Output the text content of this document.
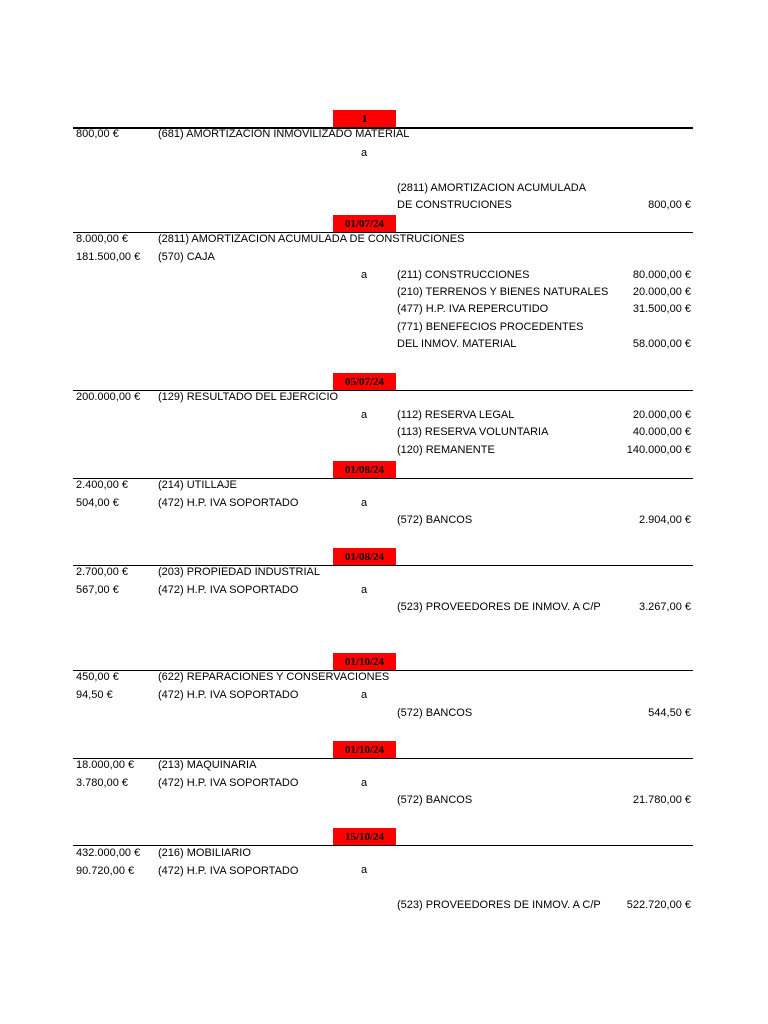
1
800,00 €	(681) AMORTIZACIÓN INMOVILIZADO MATERIAL
a
(2811) AMORTIZACION ACUMULADA
DE CONSTRUCIONES	800,00 €
01/07/24
8.000,00 €	(2811) AMORTIZACION ACUMULADA DE CONSTRUCIONES
181.500,00 € (570) CAJA
a	(211) CONSTRUCCIONES	80.000,00 €
(210) TERRENOS Y BIENES NATURALES 20.000,00 €
(477) H.P. IVA REPERCUTIDO	31.500,00 €
(771) BENEFECIOS PROCEDENTES
DEL INMOV. MATERIAL	58.000,00 €
05/07/24
200.000,00 € (129) RESULTADO DEL EJERCICIO
a	(112) RESERVA LEGAL	20.000,00 €
(113) RESERVA VOLUNTARIA	40.000,00 €
(120) REMANENTE	140.000,00 €
01/08/24
2.400,00 €	(214) UTILLAJE
504,00 €	(472) H.P. IVA SOPORTADO	a
(572) BANCOS	2.904,00 €
01/08/24
2.700,00 €	(203) PROPIEDAD INDUSTRIAL
567,00 €	(472) H.P. IVA SOPORTADO	a
(523) PROVEEDORES DE INMOV. A C/P	3.267,00 €
01/10/24
450,00 €	(622) REPARACIONES Y CONSERVACIONES
94,50 €	(472) H.P. IVA SOPORTADO	a
(572) BANCOS	544,50 €
01/10/24
18.000,00 € (213) MAQUINARIA
3.780,00 €	(472) H.P. IVA SOPORTADO	a
(572) BANCOS	21.780,00 €
15/10/24
432.000,00 € (216) MOBILIARIO
90.720,00 € (472) H.P. IVA SOPORTADO	a
(523) PROVEEDORES DE INMOV. A C/P 522.720,00 €
